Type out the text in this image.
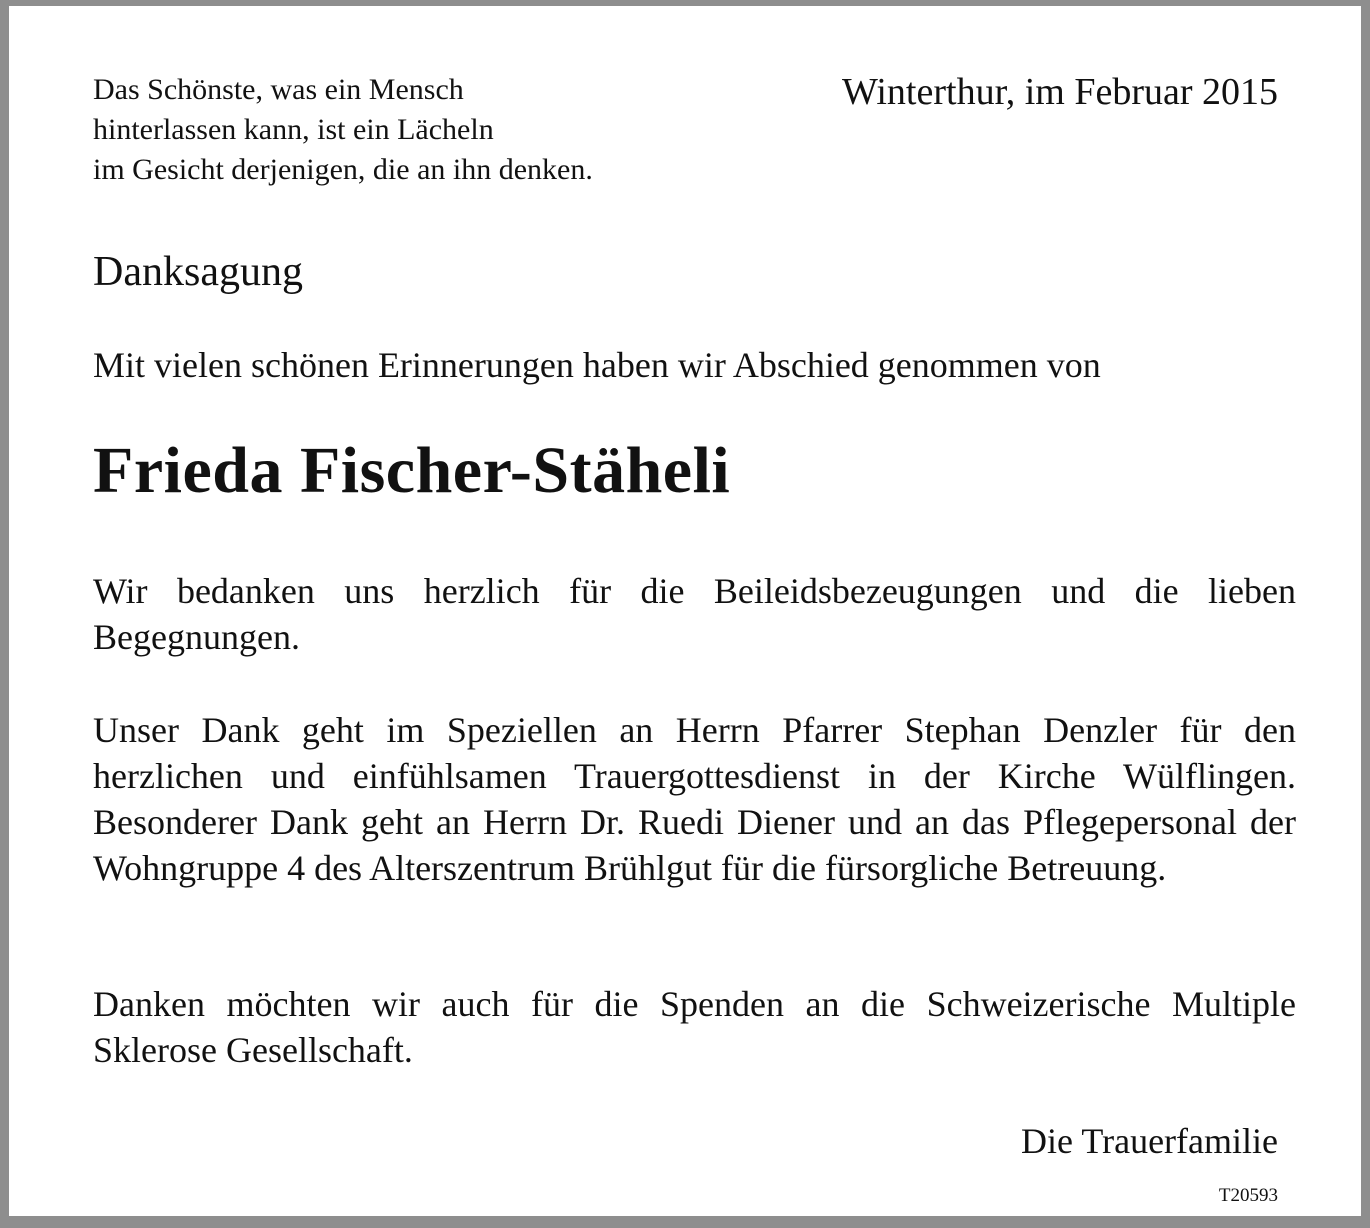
Das Schönste, was ein Mensch
hinterlassen kann, ist ein Lächeln
im Gesicht derjenigen, die an ihn denken.
Winterthur, im Februar 2015
Danksagung

Mit vielen schönen Erinnerungen haben wir Abschied genommen von

Frieda Fischer-Stäheli

Wir bedanken uns herzlich für die Beileidsbezeugungen und die lieben Begegnungen.

Unser Dank geht im Speziellen an Herrn Pfarrer Stephan Denzler für den herzlichen und einfühlsamen Trauergottesdienst in der Kirche Wülflingen. Besonderer Dank geht an Herrn Dr. Ruedi Diener und an das Pflegepersonal der Wohngruppe 4 des Alterszentrum Brühlgut für die fürsorgliche Betreuung.

Danken möchten wir auch für die Spenden an die Schweizerische Multiple Sklerose Gesellschaft.

Die Trauerfamilie
T20593
